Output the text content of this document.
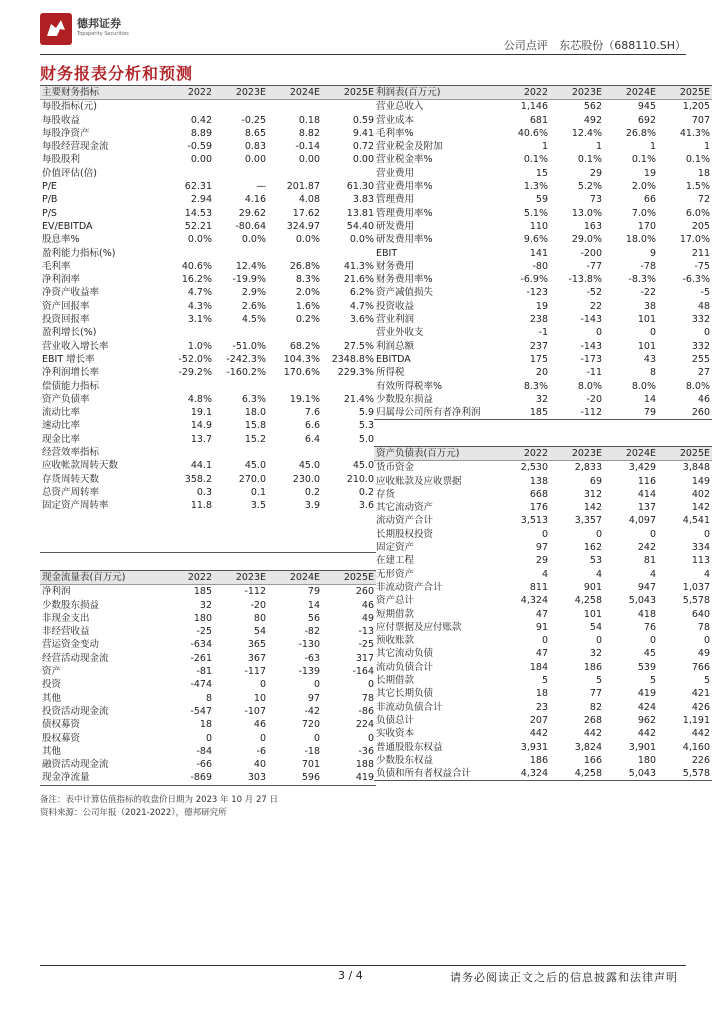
德邦证券
Topsperity Securities
公司点评 东芯股份（688110.SH）
财务报表分析和预测
主要财务指标	2022	2023E	2024E	2025E
每股指标(元)				
每股收益	0.42	-0.25	0.18	0.59
每股净资产	8.89	8.65	8.82	9.41
每股经营现金流	-0.59	0.83	-0.14	0.72
每股股利	0.00	0.00	0.00	0.00
价值评估(倍)				
P/E	62.31	—	201.87	61.30
P/B	2.94	4.16	4.08	3.83
P/S	14.53	29.62	17.62	13.81
EV/EBITDA	52.21	-80.64	324.97	54.40
股息率%	0.0%	0.0%	0.0%	0.0%
盈利能力指标(%)				
毛利率	40.6%	12.4%	26.8%	41.3%
净利润率	16.2%	-19.9%	8.3%	21.6%
净资产收益率	4.7%	2.9%	2.0%	6.2%
资产回报率	4.3%	2.6%	1.6%	4.7%
投资回报率	3.1%	4.5%	0.2%	3.6%
盈利增长(%)				
营业收入增长率	1.0%	-51.0%	68.2%	27.5%
EBIT 增长率	-52.0%	-242.3%	104.3%	2348.8%
净利润增长率	-29.2%	-160.2%	170.6%	229.3%
偿债能力指标				
资产负债率	4.8%	6.3%	19.1%	21.4%
流动比率	19.1	18.0	7.6	5.9
速动比率	14.9	15.8	6.6	5.3
现金比率	13.7	15.2	6.4	5.0
经营效率指标				
应收帐款周转天数	44.1	45.0	45.0	45.0
存货周转天数	358.2	270.0	230.0	210.0
总资产周转率	0.3	0.1	0.2	0.2
固定资产周转率	11.8	3.5	3.9	3.6

利润表(百万元)	2022	2023E	2024E	2025E
营业总收入	1,146	562	945	1,205
营业成本	681	492	692	707
毛利率%	40.6%	12.4%	26.8%	41.3%
营业税金及附加	1	1	1	1
营业税金率%	0.1%	0.1%	0.1%	0.1%
营业费用	15	29	19	18
营业费用率%	1.3%	5.2%	2.0%	1.5%
管理费用	59	73	66	72
管理费用率%	5.1%	13.0%	7.0%	6.0%
研发费用	110	163	170	205
研发费用率%	9.6%	29.0%	18.0%	17.0%
EBIT	141	-200	9	211
财务费用	-80	-77	-78	-75
财务费用率%	-6.9%	-13.8%	-8.3%	-6.3%
资产减值损失	-123	-52	-22	-5
投资收益	19	22	38	48
营业利润	238	-143	101	332
营业外收支	-1	0	0	0
利润总额	237	-143	101	332
EBITDA	175	-173	43	255
所得税	20	-11	8	27
有效所得税率%	8.3%	8.0%	8.0%	8.0%
少数股东损益	32	-20	14	46
归属母公司所有者净利润	185	-112	79	260
资产负债表(百万元)	2022	2023E	2024E	2025E
货币资金	2,530	2,833	3,429	3,848
应收账款及应收票据	138	69	116	149
存货	668	312	414	402
其它流动资产	176	142	137	142
流动资产合计	3,513	3,357	4,097	4,541
长期股权投资	0	0	0	0
固定资产	97	162	242	334
在建工程	29	53	81	113
无形资产	4	4	4	4
非流动资产合计	811	901	947	1,037
资产总计	4,324	4,258	5,043	5,578
短期借款	47	101	418	640
应付票据及应付账款	91	54	76	78
预收账款	0	0	0	0
其它流动负债	47	32	45	49
流动负债合计	184	186	539	766
长期借款	5	5	5	5
其它长期负债	18	77	419	421
非流动负债合计	23	82	424	426
负债总计	207	268	962	1,191
实收资本	442	442	442	442
普通股股东权益	3,931	3,824	3,901	4,160
少数股东权益	186	166	180	226
负债和所有者权益合计	4,324	4,258	5,043	5,578
现金流量表(百万元)	2022	2023E	2024E	2025E
净利润	185	-112	79	260
少数股东损益	32	-20	14	46
非现金支出	180	80	56	49
非经营收益	-25	54	-82	-13
营运资金变动	-634	365	-130	-25
经营活动现金流	-261	367	-63	317
资产	-81	-117	-139	-164
投资	-474	0	0	0
其他	8	10	97	78
投资活动现金流	-547	-107	-42	-86
债权募资	18	46	720	224
股权募资	0	0	0	0
其他	-84	-6	-18	-36
融资活动现金流	-66	40	701	188
现金净流量	-869	303	596	419
备注：表中计算估值指标的收盘价日期为 2023 年 10 月 27 日
资料来源：公司年报（2021-2022），德邦研究所
3 / 4	请务必阅读正文之后的信息披露和法律声明
